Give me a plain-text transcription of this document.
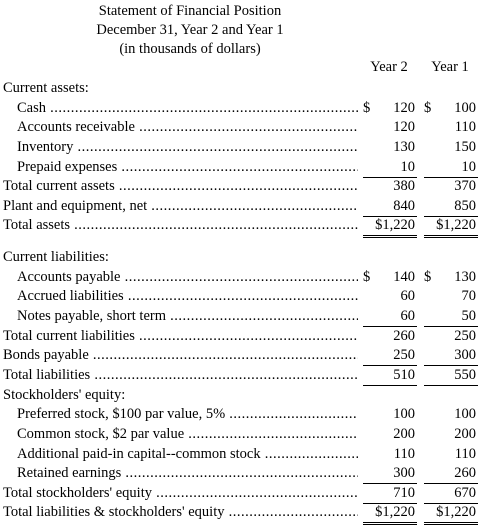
Statement of Financial Position
December 31, Year 2 and Year 1
(in thousands of dollars)
Year 2	Year 1
Current assets:
Cash .....	$ 120 $ 100
Accounts receivable .....	120	110
Inventory .....	130	150
Prepaid expenses .....	10	10
Total current assets .....	380	370
Plant and equipment, net .....	840	850
Total assets .....	$1,220 $1,220
Current liabilities:
Accounts payable .....	$ 140 $ 130
Accrued liabilities .....	60	70
Notes payable, short term .....	60	50
Total current liabilities .....	260	250
Bonds payable .....	250	300
Total liabilities .....	510	550
Stockholders' equity:
Preferred stock, $100 par value, 5% .....	100	100
Common stock, $2 par value .....	200	200
Additional paid-in capital--common stock .....	110	110
Retained earnings .....	300	260
Total stockholders' equity .....	710	670
Total liabilities & stockholders' equity .....	$1,220 $1,220
